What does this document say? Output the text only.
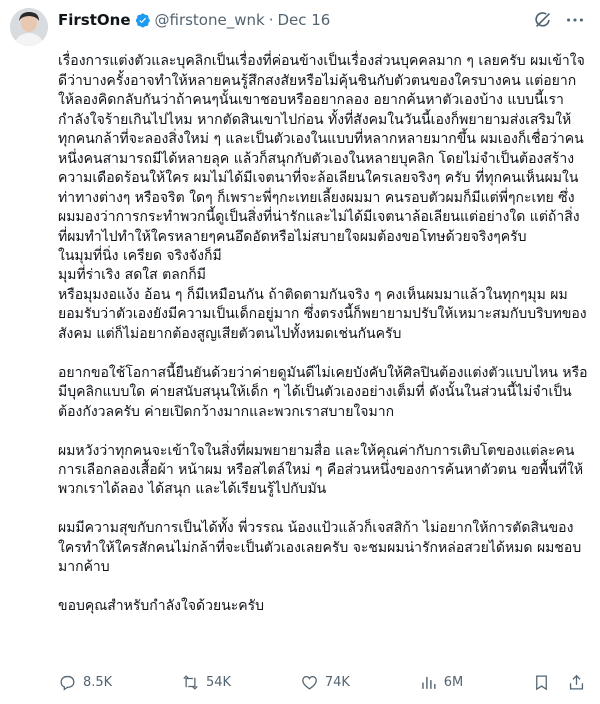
FirstOne @firstone_wnk · Dec 16

เรื่องการแต่งตัวและบุคลิกเป็นเรื่องที่ค่อนข้างเป็นเรื่องส่วนบุคคลมาก ๆ เลยครับ ผมเข้าใจดีว่าบางครั้งอาจทำให้หลายคนรู้สึกสงสัยหรือไม่คุ้นชินกับตัวตนของใครบางคน แต่อยากให้ลองคิดกลับกันว่าถ้าคนๆนั้นเขาชอบหรืออยากลอง อยากค้นหาตัวเองบ้าง แบบนี้เรากำลังใจร้ายเกินไปไหม หากตัดสินเขาไปก่อน ทั้งที่สังคมในวันนี้เองก็พยายามส่งเสริมให้ทุกคนกล้าที่จะลองสิ่งใหม่ ๆ และเป็นตัวเองในแบบที่หลากหลายมากขึ้น ผมเองก็เชื่อว่าคนหนึ่งคนสามารถมีได้หลายลุค แล้วก็สนุกกับตัวเองในหลายบุคลิก โดยไม่จำเป็นต้องสร้างความเดือดร้อนให้ใคร ผมไม่ได้มีเจตนาที่จะล้อเลียนใครเลยจริงๆ ครับ ที่ทุกคนเห็นผมในท่าทางต่างๆ หรือจริต ใดๆ ก็เพราะพี่ๆกะเทยเลี้ยงผมมา คนรอบตัวผมก็มีแต่พี่ๆกะเทย ซึ่งผมมองว่าการกระทำพวกนี้ดูเป็นสิ่งที่น่ารักและไม่ได้มีเจตนาล้อเลียนแต่อย่างใด แต่ถ้าสิ่งที่ผมทำไปทำให้ใครหลายๆคนอึดอัดหรือไม่สบายใจผมต้องขอโทษด้วยจริงๆครับ
ในมุมที่นิ่ง เครียด จริงจังก็มี
มุมที่ร่าเริง สดใส ตลกก็มี
หรือมุมงอแง้ง อ้อน ๆ ก็มีเหมือนกัน ถ้าติดตามกันจริง ๆ คงเห็นผมมาแล้วในทุกๆมุม ผมยอมรับว่าตัวเองยังมีความเป็นเด็กอยู่มาก ซึ่งตรงนี้ก็พยายามปรับให้เหมาะสมกับบริบทของสังคม แต่ก็ไม่อยากต้องสูญเสียตัวตนไปทั้งหมดเช่นกันครับ

อยากขอใช้โอกาสนี้ยืนยันด้วยว่าค่ายดูมันดีไม่เคยบังคับให้ศิลปินต้องแต่งตัวแบบไหน หรือมีบุคลิกแบบใด ค่ายสนับสนุนให้เด็ก ๆ ได้เป็นตัวเองอย่างเต็มที่ ดังนั้นในส่วนนี้ไม่จำเป็นต้องกังวลครับ ค่ายเปิดกว้างมากและพวกเราสบายใจมาก

ผมหวังว่าทุกคนจะเข้าใจในสิ่งที่ผมพยายามสื่อ และให้คุณค่ากับการเติบโตของแต่ละคน
การเลือกลองเสื้อผ้า หน้าผม หรือสไตล์ใหม่ ๆ คือส่วนหนึ่งของการค้นหาตัวตน ขอพื้นที่ให้พวกเราได้ลอง ได้สนุก และได้เรียนรู้ไปกับมัน

ผมมีความสุขกับการเป็นได้ทั้ง พี่วรรณ น้องแป้วแล้วก็เจสสิก้า ไม่อยากให้การตัดสินของใครทำให้ใครสักคนไม่กล้าที่จะเป็นตัวเองเลยครับ จะชมผมน่ารักหล่อสวยได้หมด ผมชอบมากค้าบ

ขอบคุณสำหรับกำลังใจด้วยนะครับ

8.5K	54K	74K	6M
